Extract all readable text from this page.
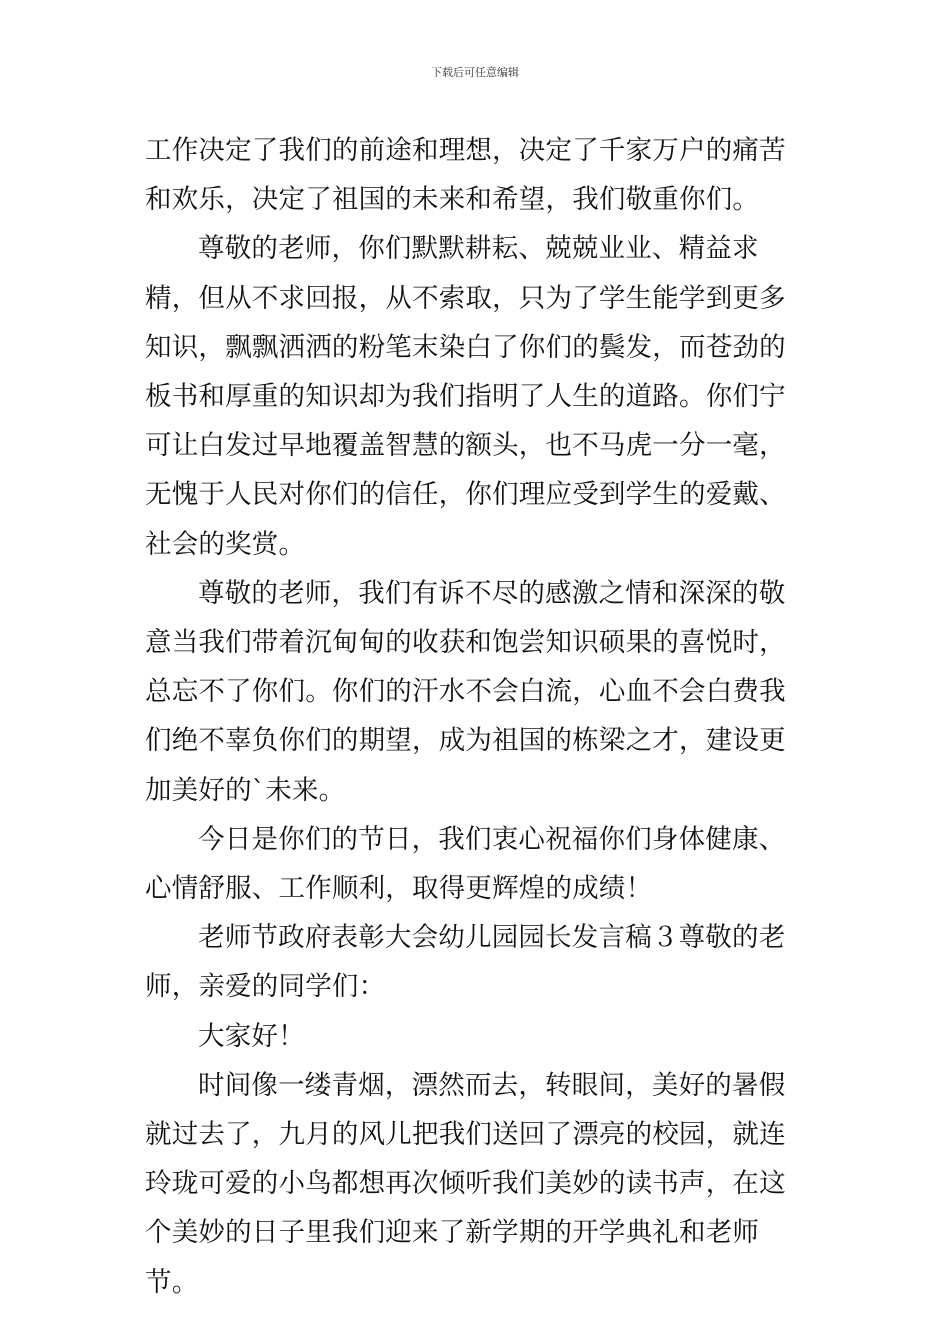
下载后可任意编辑

工作决定了我们的前途和理想，决定了千家万户的痛苦和欢乐，决定了祖国的未来和希望，我们敬重你们。

尊敬的老师，你们默默耕耘、兢兢业业、精益求精，但从不求回报，从不索取，只为了学生能学到更多知识，飘飘洒洒的粉笔末染白了你们的鬓发，而苍劲的板书和厚重的知识却为我们指明了人生的道路。你们宁可让白发过早地覆盖智慧的额头，也不马虎一分一毫，无愧于人民对你们的信任，你们理应受到学生的爱戴、社会的奖赏。

尊敬的老师，我们有诉不尽的感激之情和深深的敬意当我们带着沉甸甸的收获和饱尝知识硕果的喜悦时，总忘不了你们。你们的汗水不会白流，心血不会白费我们绝不辜负你们的期望，成为祖国的栋梁之才，建设更加美好的`未来。

今日是你们的节日，我们衷心祝福你们身体健康、心情舒服、工作顺利，取得更辉煌的成绩！

老师节政府表彰大会幼儿园园长发言稿３尊敬的老师，亲爱的同学们：

大家好！

时间像一缕青烟，漂然而去，转眼间，美好的暑假就过去了，九月的风儿把我们送回了漂亮的校园，就连玲珑可爱的小鸟都想再次倾听我们美妙的读书声，在这个美妙的日子里我们迎来了新学期的开学典礼和老师节。
